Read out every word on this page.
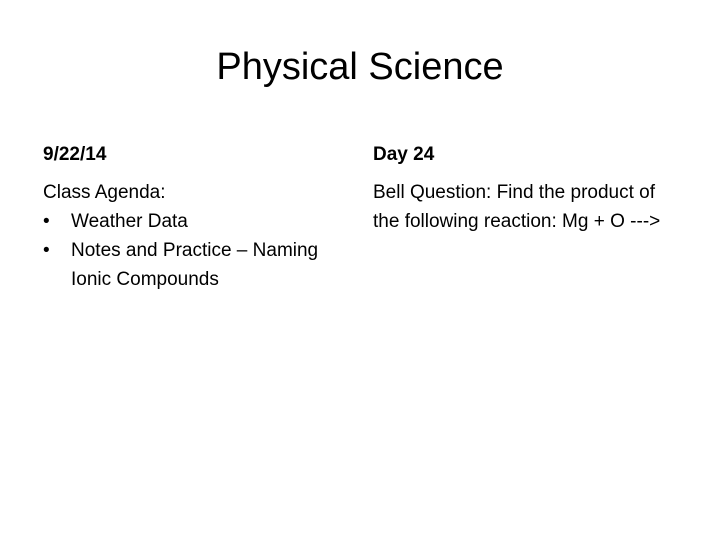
Physical Science
9/22/14
Class Agenda:
• Weather Data
• Notes and Practice – Naming Ionic Compounds
Day 24
Bell Question: Find the product of the following reaction: Mg + O --->
